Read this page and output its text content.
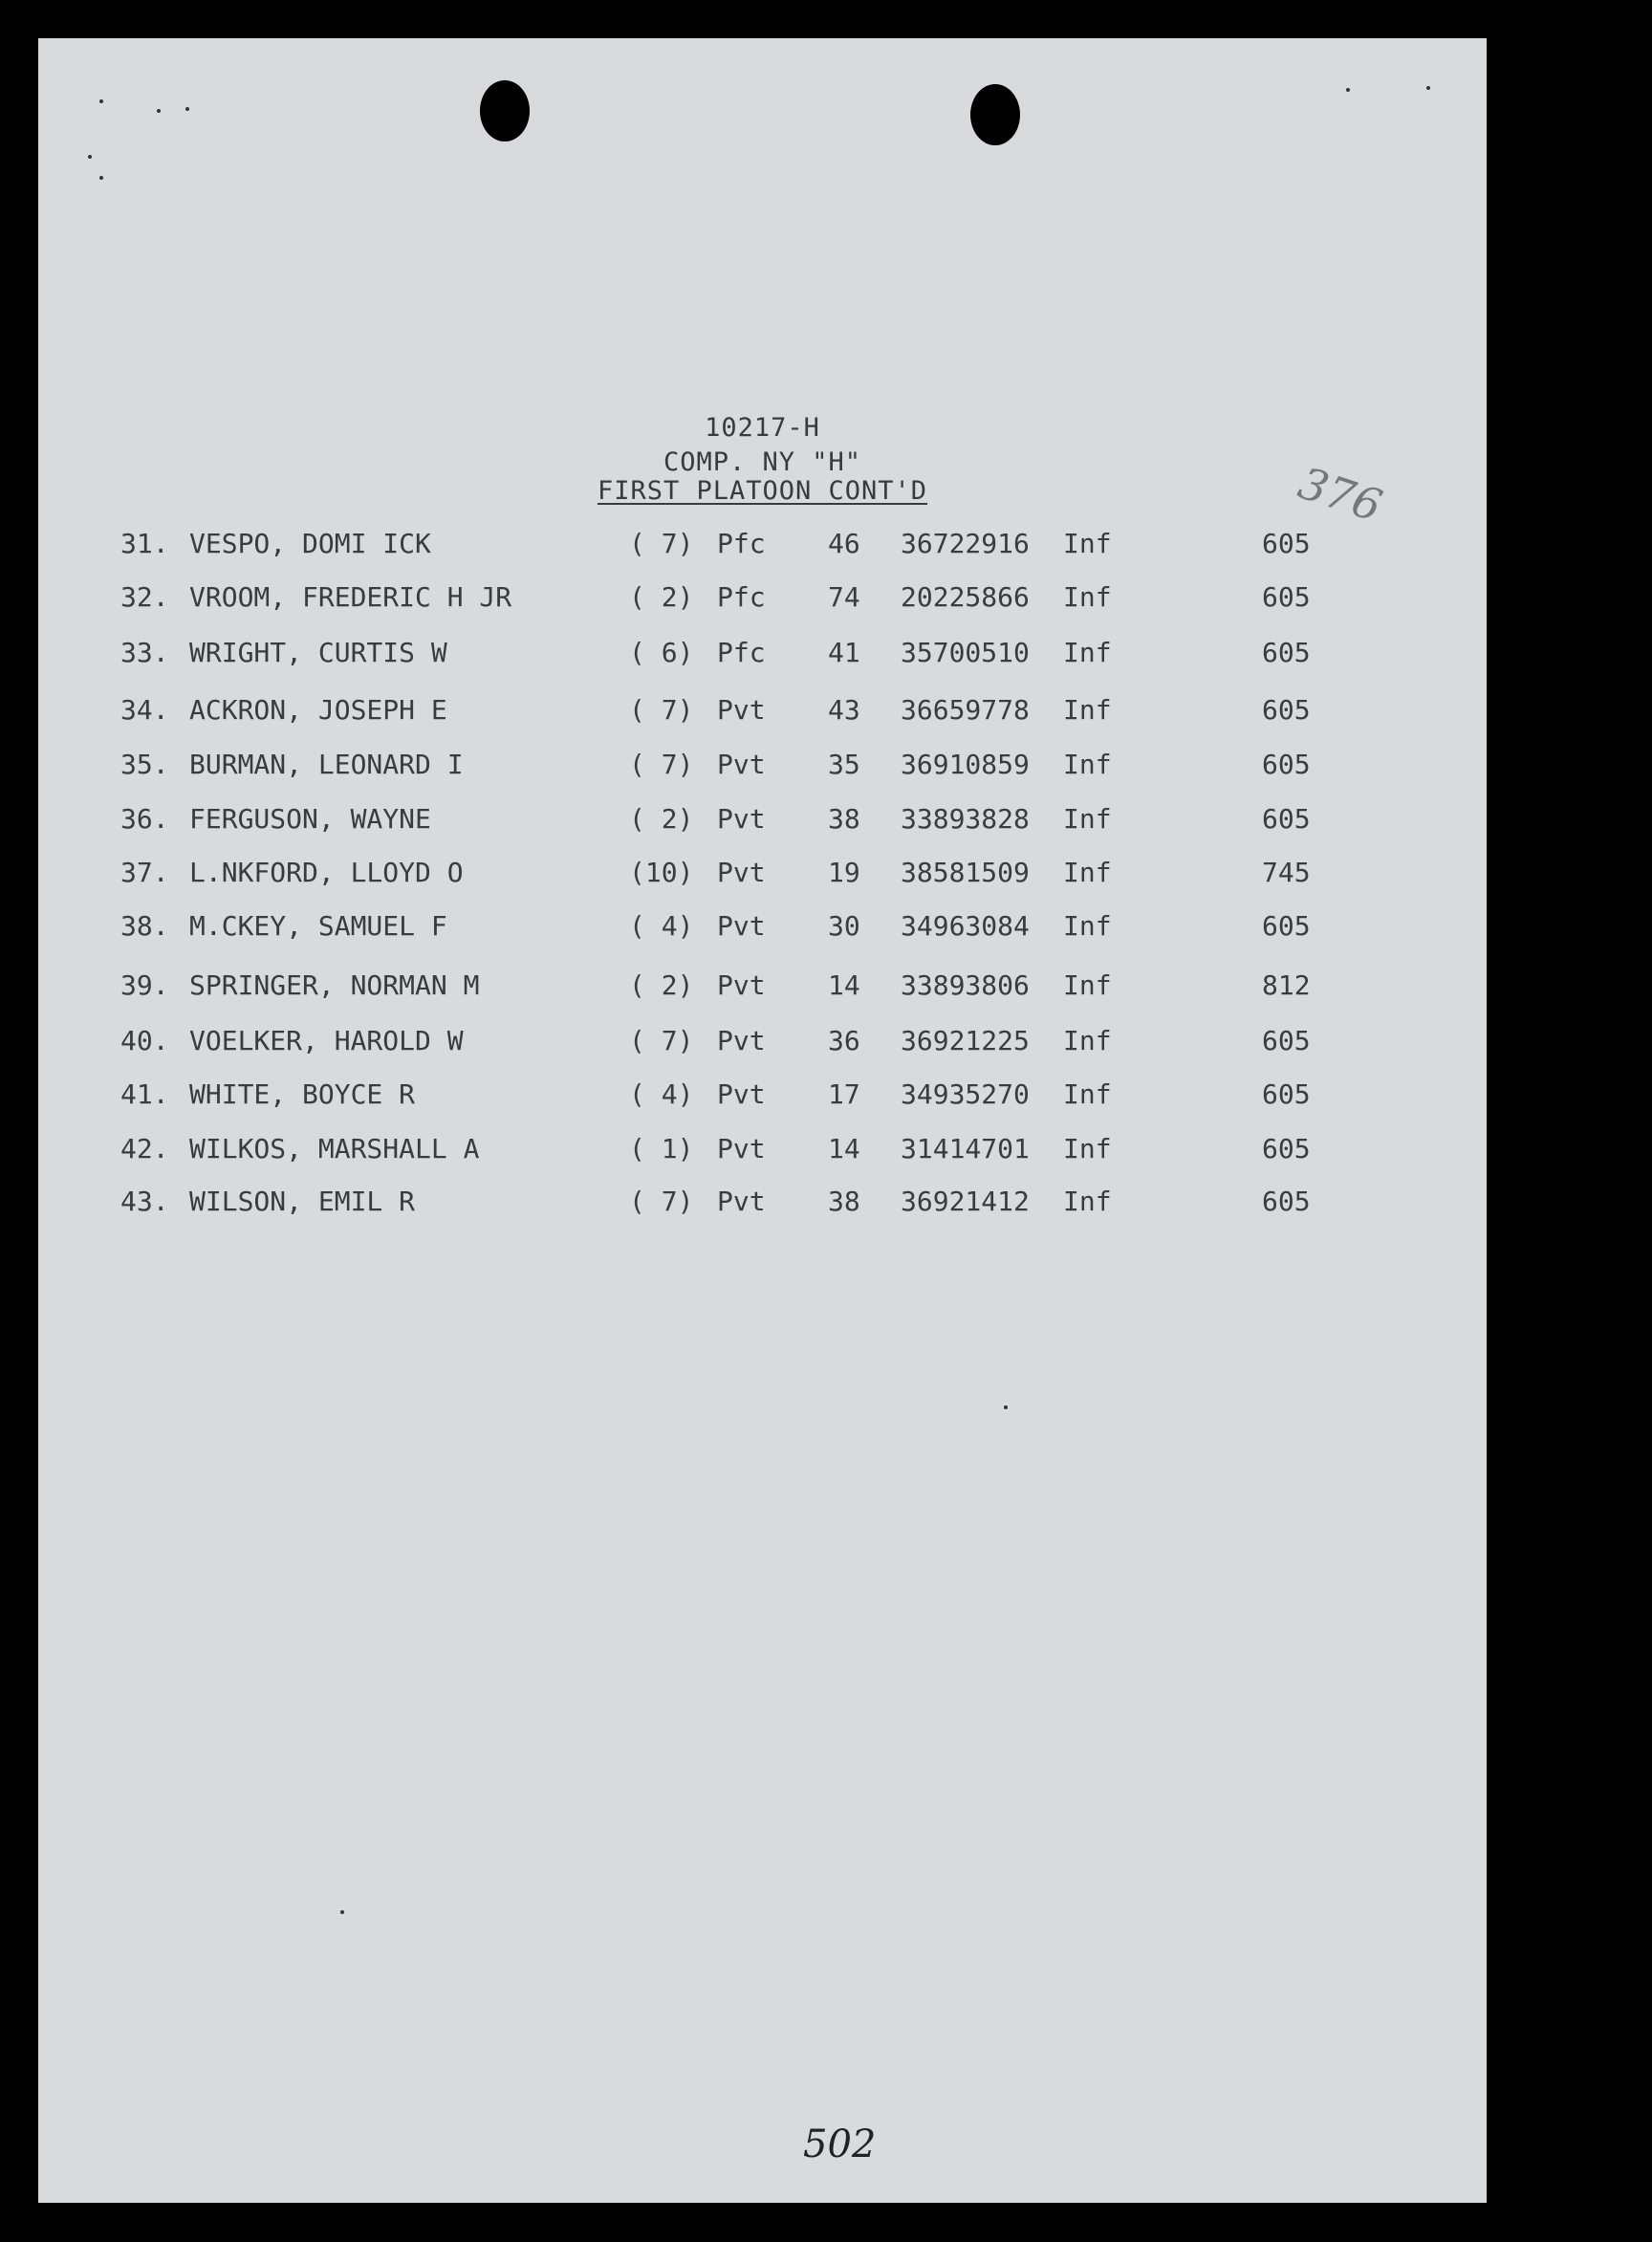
10217-H
COMP. NY "H"
FIRST PLATOON CONT'D	376
31. VESPO, DOMI ICK	( 7) Pfc 46 36722916 Inf	605
32. VROOM, FREDERIC H JR	( 2) Pfc 74 20225866 Inf	605
33. WRIGHT, CURTIS W	( 6) Pfc 41 35700510 Inf	605
34. ACKRON, JOSEPH E	( 7) Pvt 43 36659778 Inf	605
35. BURMAN, LEONARD I	( 7) Pvt 35 36910859 Inf	605
36. FERGUSON, WAYNE	( 2) Pvt 38 33893828 Inf	605
37. L.NKFORD, LLOYD O	(10) Pvt 19 38581509 Inf	745
38. M.CKEY, SAMUEL F	( 4) Pvt 30 34963084 Inf	605
39. SPRINGER, NORMAN M	( 2) Pvt 14 33893806 Inf	812
40. VOELKER, HAROLD W	( 7) Pvt 36 36921225 Inf	605
41. WHITE, BOYCE R	( 4) Pvt 17 34935270 Inf	605
42. WILKOS, MARSHALL A	( 1) Pvt 14 31414701 Inf	605
43. WILSON, EMIL R	( 7) Pvt 38 36921412 Inf	605
502
